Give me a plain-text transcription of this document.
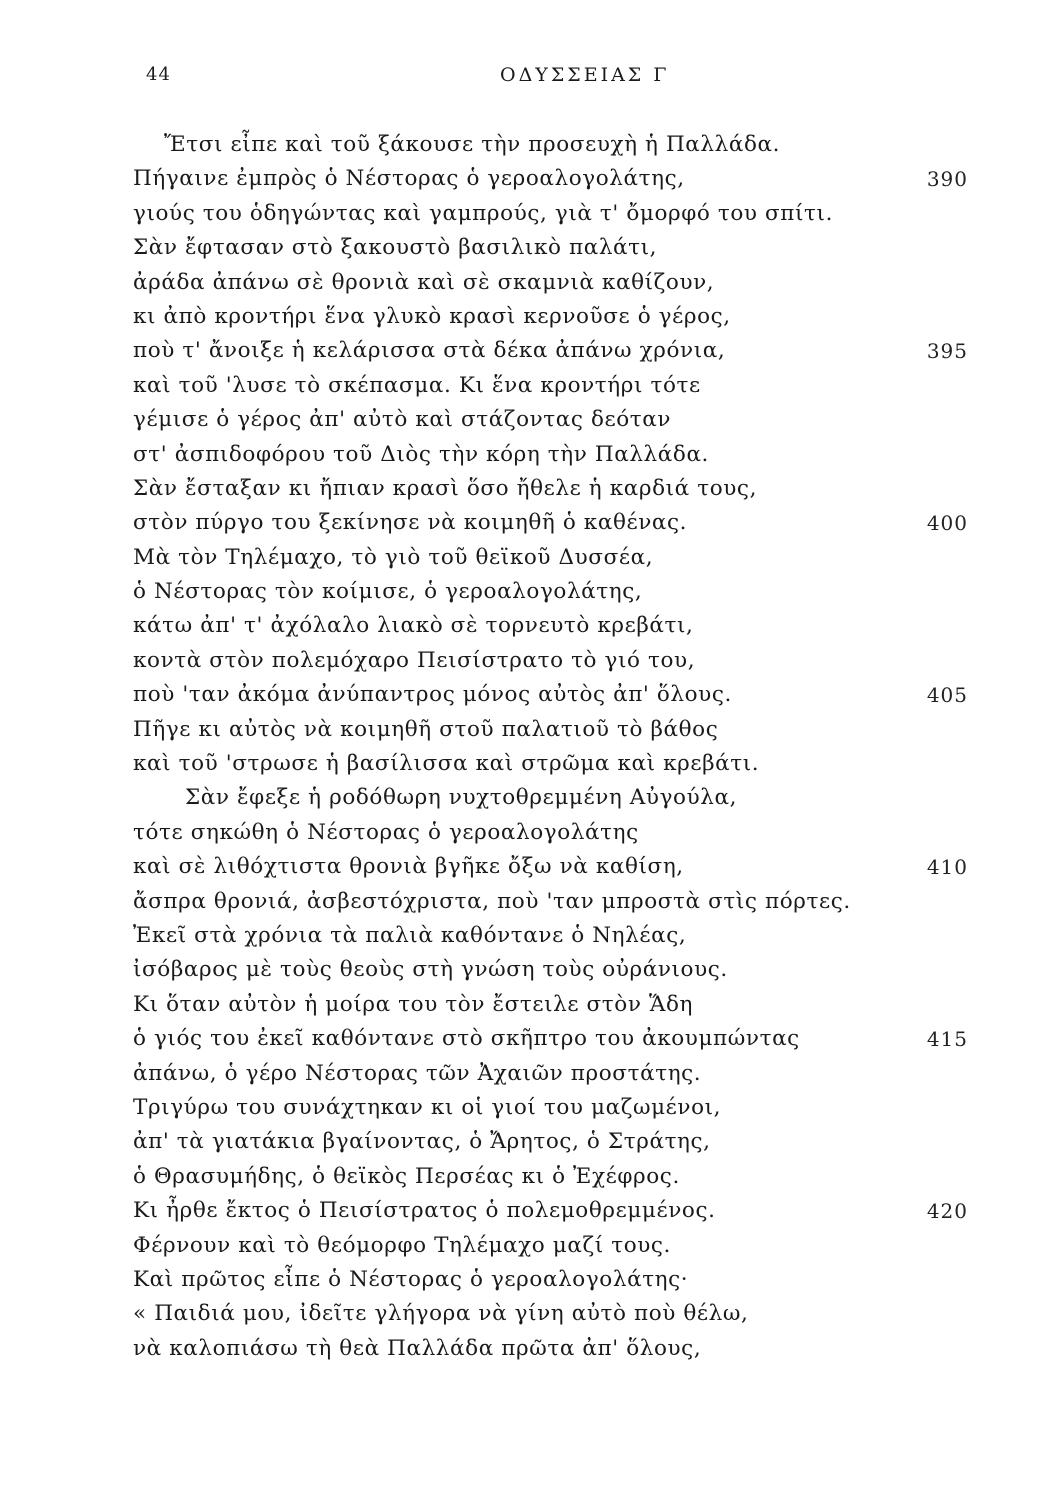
44	ΟΔΥΣΣΕΙΑΣ Γ
Ἔτσι εἶπε καὶ τοῦ ξάκουσε τὴν προσευχὴ ἡ Παλλάδα.
Πήγαινε ἐμπρὸς ὁ Νέστορας ὁ γεροαλογολάτης,	390
γιούς του ὁδηγώντας καὶ γαμπρούς, γιὰ τ' ὄμορφό του σπίτι.
Σὰν ἔφτασαν στὸ ξακουστὸ βασιλικὸ παλάτι,
ἀράδα ἀπάνω σὲ θρονιὰ καὶ σὲ σκαμνιὰ καθίζουν,
κι ἀπὸ κροντήρι ἕνα γλυκὸ κρασὶ κερνοῦσε ὁ γέρος,
ποὺ τ' ἄνοιξε ἡ κελάρισσα στὰ δέκα ἀπάνω χρόνια,	395
καὶ τοῦ 'λυσε τὸ σκέπασμα. Κι ἕνα κροντήρι τότε
γέμισε ὁ γέρος ἀπ' αὐτὸ καὶ στάζοντας δεόταν
στ' ἀσπιδοφόρου τοῦ Διὸς τὴν κόρη τὴν Παλλάδα.
Σὰν ἔσταξαν κι ἤπιαν κρασὶ ὅσο ἤθελε ἡ καρδιά τους,
στὸν πύργο του ξεκίνησε νὰ κοιμηθῆ ὁ καθένας.	400
Μὰ τὸν Τηλέμαχο, τὸ γιὸ τοῦ θεϊκοῦ Δυσσέα,
ὁ Νέστορας τὸν κοίμισε, ὁ γεροαλογολάτης,
κάτω ἀπ' τ' ἀχόλαλο λιακὸ σὲ τορνευτὸ κρεβάτι,
κοντὰ στὸν πολεμόχαρο Πεισίστρατο τὸ γιό του,
ποὺ 'ταν ἀκόμα ἀνύπαντρος μόνος αὐτὸς ἀπ' ὅλους.	405
Πῆγε κι αὐτὸς νὰ κοιμηθῆ στοῦ παλατιοῦ τὸ βάθος
καὶ τοῦ 'στρωσε ἡ βασίλισσα καὶ στρῶμα καὶ κρεβάτι.
Σὰν ἔφεξε ἡ ροδόθωρη νυχτοθρεμμένη Αὐγούλα,
τότε σηκώθη ὁ Νέστορας ὁ γεροαλογολάτης
καὶ σὲ λιθόχτιστα θρονιὰ βγῆκε ὄξω νὰ καθίση,	410
ἄσπρα θρονιά, ἀσβεστόχριστα, ποὺ 'ταν μπροστὰ στὶς πόρτες.
Ἐκεῖ στὰ χρόνια τὰ παλιὰ καθόντανε ὁ Νηλέας,
ἰσόβαρος μὲ τοὺς θεοὺς στὴ γνώση τοὺς οὐράνιους.
Κι ὅταν αὐτὸν ἡ μοίρα του τὸν ἔστειλε στὸν Ἅδη
ὁ γιός του ἐκεῖ καθόντανε στὸ σκῆπτρο του ἀκουμπώντας	415
ἀπάνω, ὁ γέρο Νέστορας τῶν Ἀχαιῶν προστάτης.
Τριγύρω του συνάχτηκαν κι οἱ γιοί του μαζωμένοι,
ἀπ' τὰ γιατάκια βγαίνοντας, ὁ Ἄρητος, ὁ Στράτης,
ὁ Θρασυμήδης, ὁ θεϊκὸς Περσέας κι ὁ Ἐχέφρος.
Κι ἦρθε ἔκτος ὁ Πεισίστρατος ὁ πολεμοθρεμμένος.	420
Φέρνουν καὶ τὸ θεόμορφο Τηλέμαχο μαζί τους.
Καὶ πρῶτος εἶπε ὁ Νέστορας ὁ γεροαλογολάτης·
« Παιδιά μου, ἰδεῖτε γλήγορα νὰ γίνη αὐτὸ ποὺ θέλω,
νὰ καλοπιάσω τὴ θεὰ Παλλάδα πρῶτα ἀπ' ὅλους,
